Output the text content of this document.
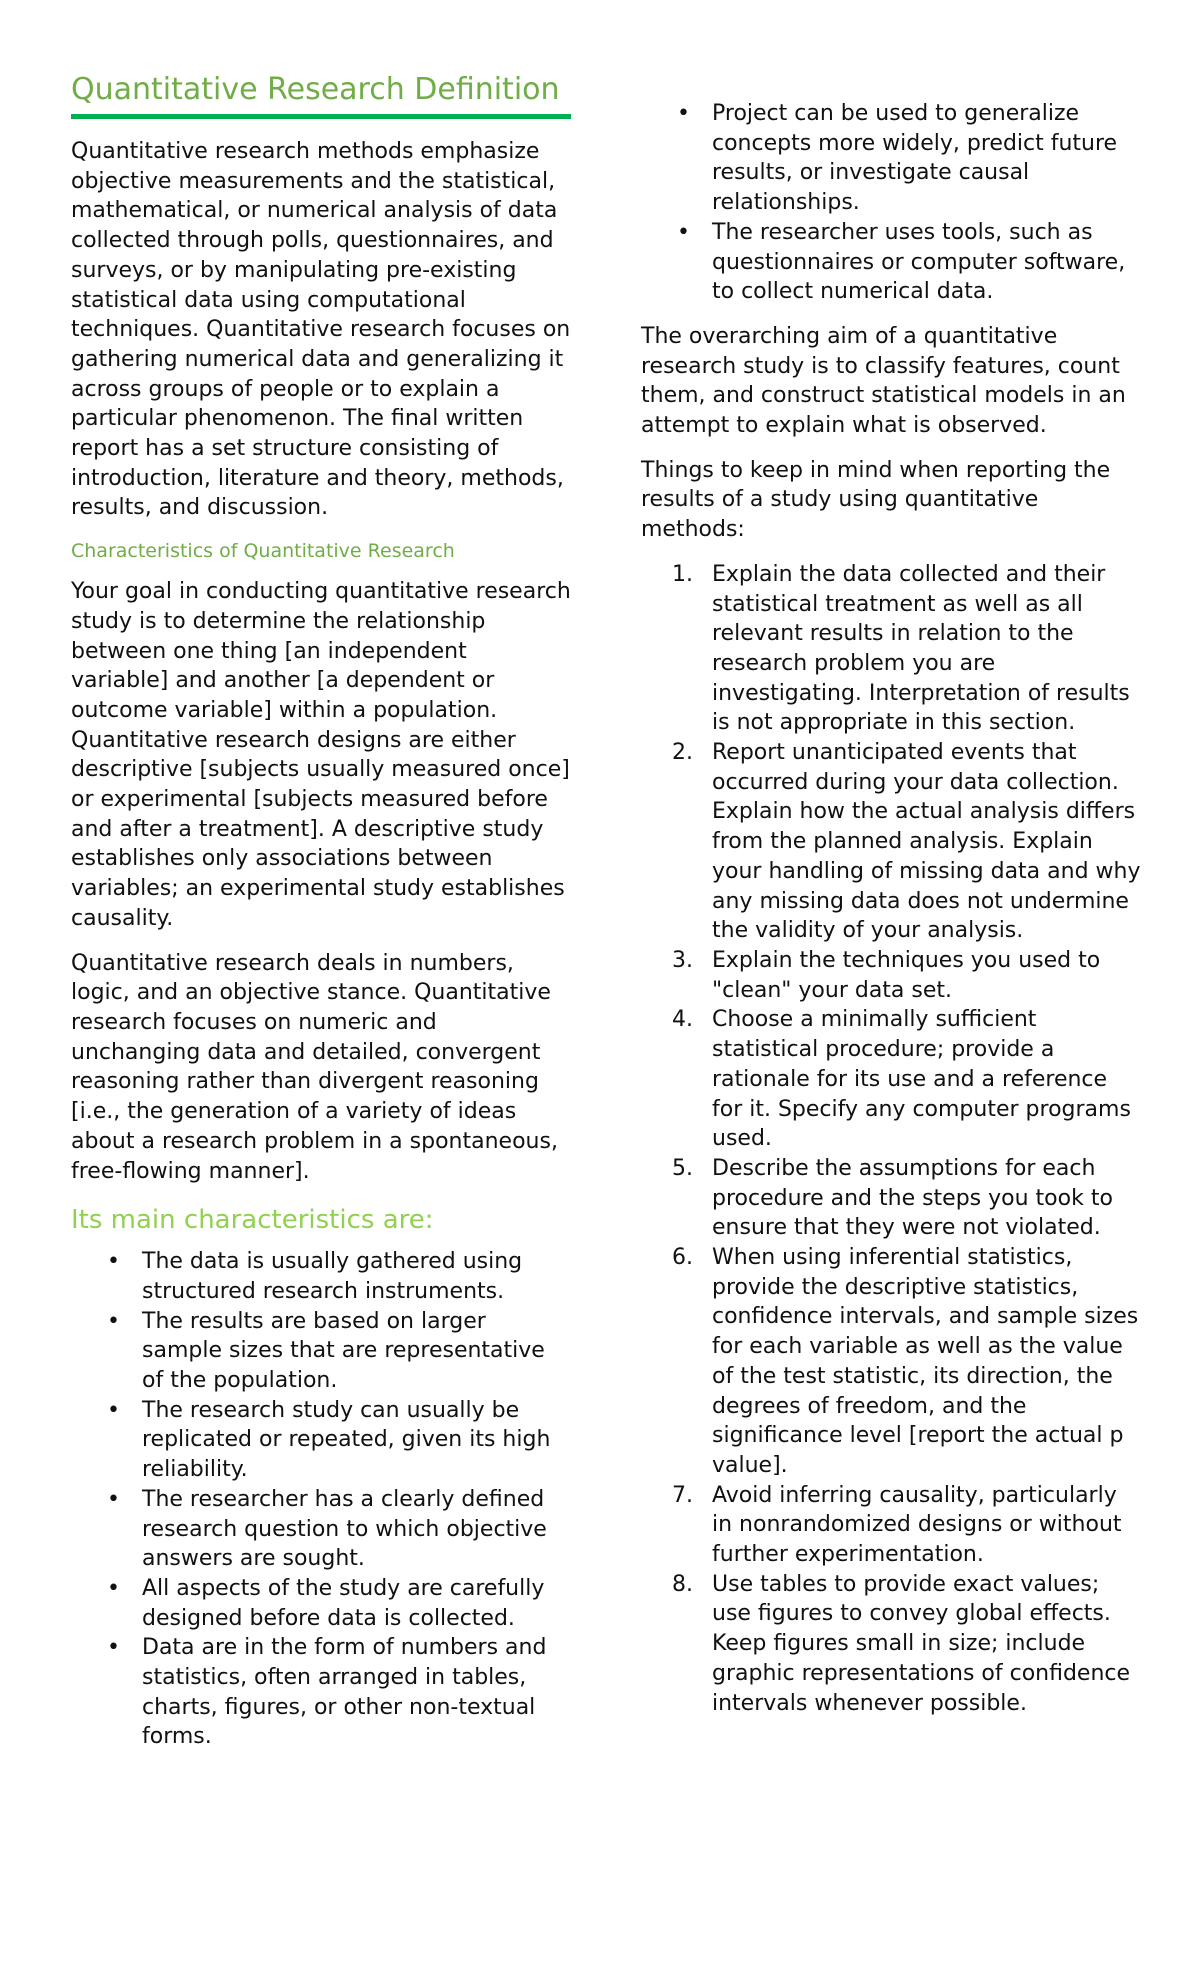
Quantitative Research Definition

Quantitative research methods emphasize objective measurements and the statistical, mathematical, or numerical analysis of data collected through polls, questionnaires, and surveys, or by manipulating pre-existing statistical data using computational techniques. Quantitative research focuses on gathering numerical data and generalizing it across groups of people or to explain a particular phenomenon. The final written report has a set structure consisting of introduction, literature and theory, methods, results, and discussion.

Characteristics of Quantitative Research

Your goal in conducting quantitative research study is to determine the relationship between one thing [an independent variable] and another [a dependent or outcome variable] within a population. Quantitative research designs are either descriptive [subjects usually measured once] or experimental [subjects measured before and after a treatment]. A descriptive study establishes only associations between variables; an experimental study establishes causality.

Quantitative research deals in numbers, logic, and an objective stance. Quantitative research focuses on numeric and unchanging data and detailed, convergent reasoning rather than divergent reasoning [i.e., the generation of a variety of ideas about a research problem in a spontaneous, free-flowing manner].

Its main characteristics are:
• The data is usually gathered using structured research instruments.
• The results are based on larger sample sizes that are representative of the population.
• The research study can usually be replicated or repeated, given its high reliability.
• The researcher has a clearly defined research question to which objective answers are sought.
• All aspects of the study are carefully designed before data is collected.
• Data are in the form of numbers and statistics, often arranged in tables, charts, figures, or other non-textual forms.
• Project can be used to generalize concepts more widely, predict future results, or investigate causal relationships.
• The researcher uses tools, such as questionnaires or computer software, to collect numerical data.

The overarching aim of a quantitative research study is to classify features, count them, and construct statistical models in an attempt to explain what is observed.

Things to keep in mind when reporting the results of a study using quantitative methods:

1. Explain the data collected and their statistical treatment as well as all relevant results in relation to the research problem you are investigating. Interpretation of results is not appropriate in this section.
2. Report unanticipated events that occurred during your data collection. Explain how the actual analysis differs from the planned analysis. Explain your handling of missing data and why any missing data does not undermine the validity of your analysis.
3. Explain the techniques you used to "clean" your data set.
4. Choose a minimally sufficient statistical procedure; provide a rationale for its use and a reference for it. Specify any computer programs used.
5. Describe the assumptions for each procedure and the steps you took to ensure that they were not violated.
6. When using inferential statistics, provide the descriptive statistics, confidence intervals, and sample sizes for each variable as well as the value of the test statistic, its direction, the degrees of freedom, and the significance level [report the actual p value].
7. Avoid inferring causality, particularly in nonrandomized designs or without further experimentation.
8. Use tables to provide exact values; use figures to convey global effects. Keep figures small in size; include graphic representations of confidence intervals whenever possible.
